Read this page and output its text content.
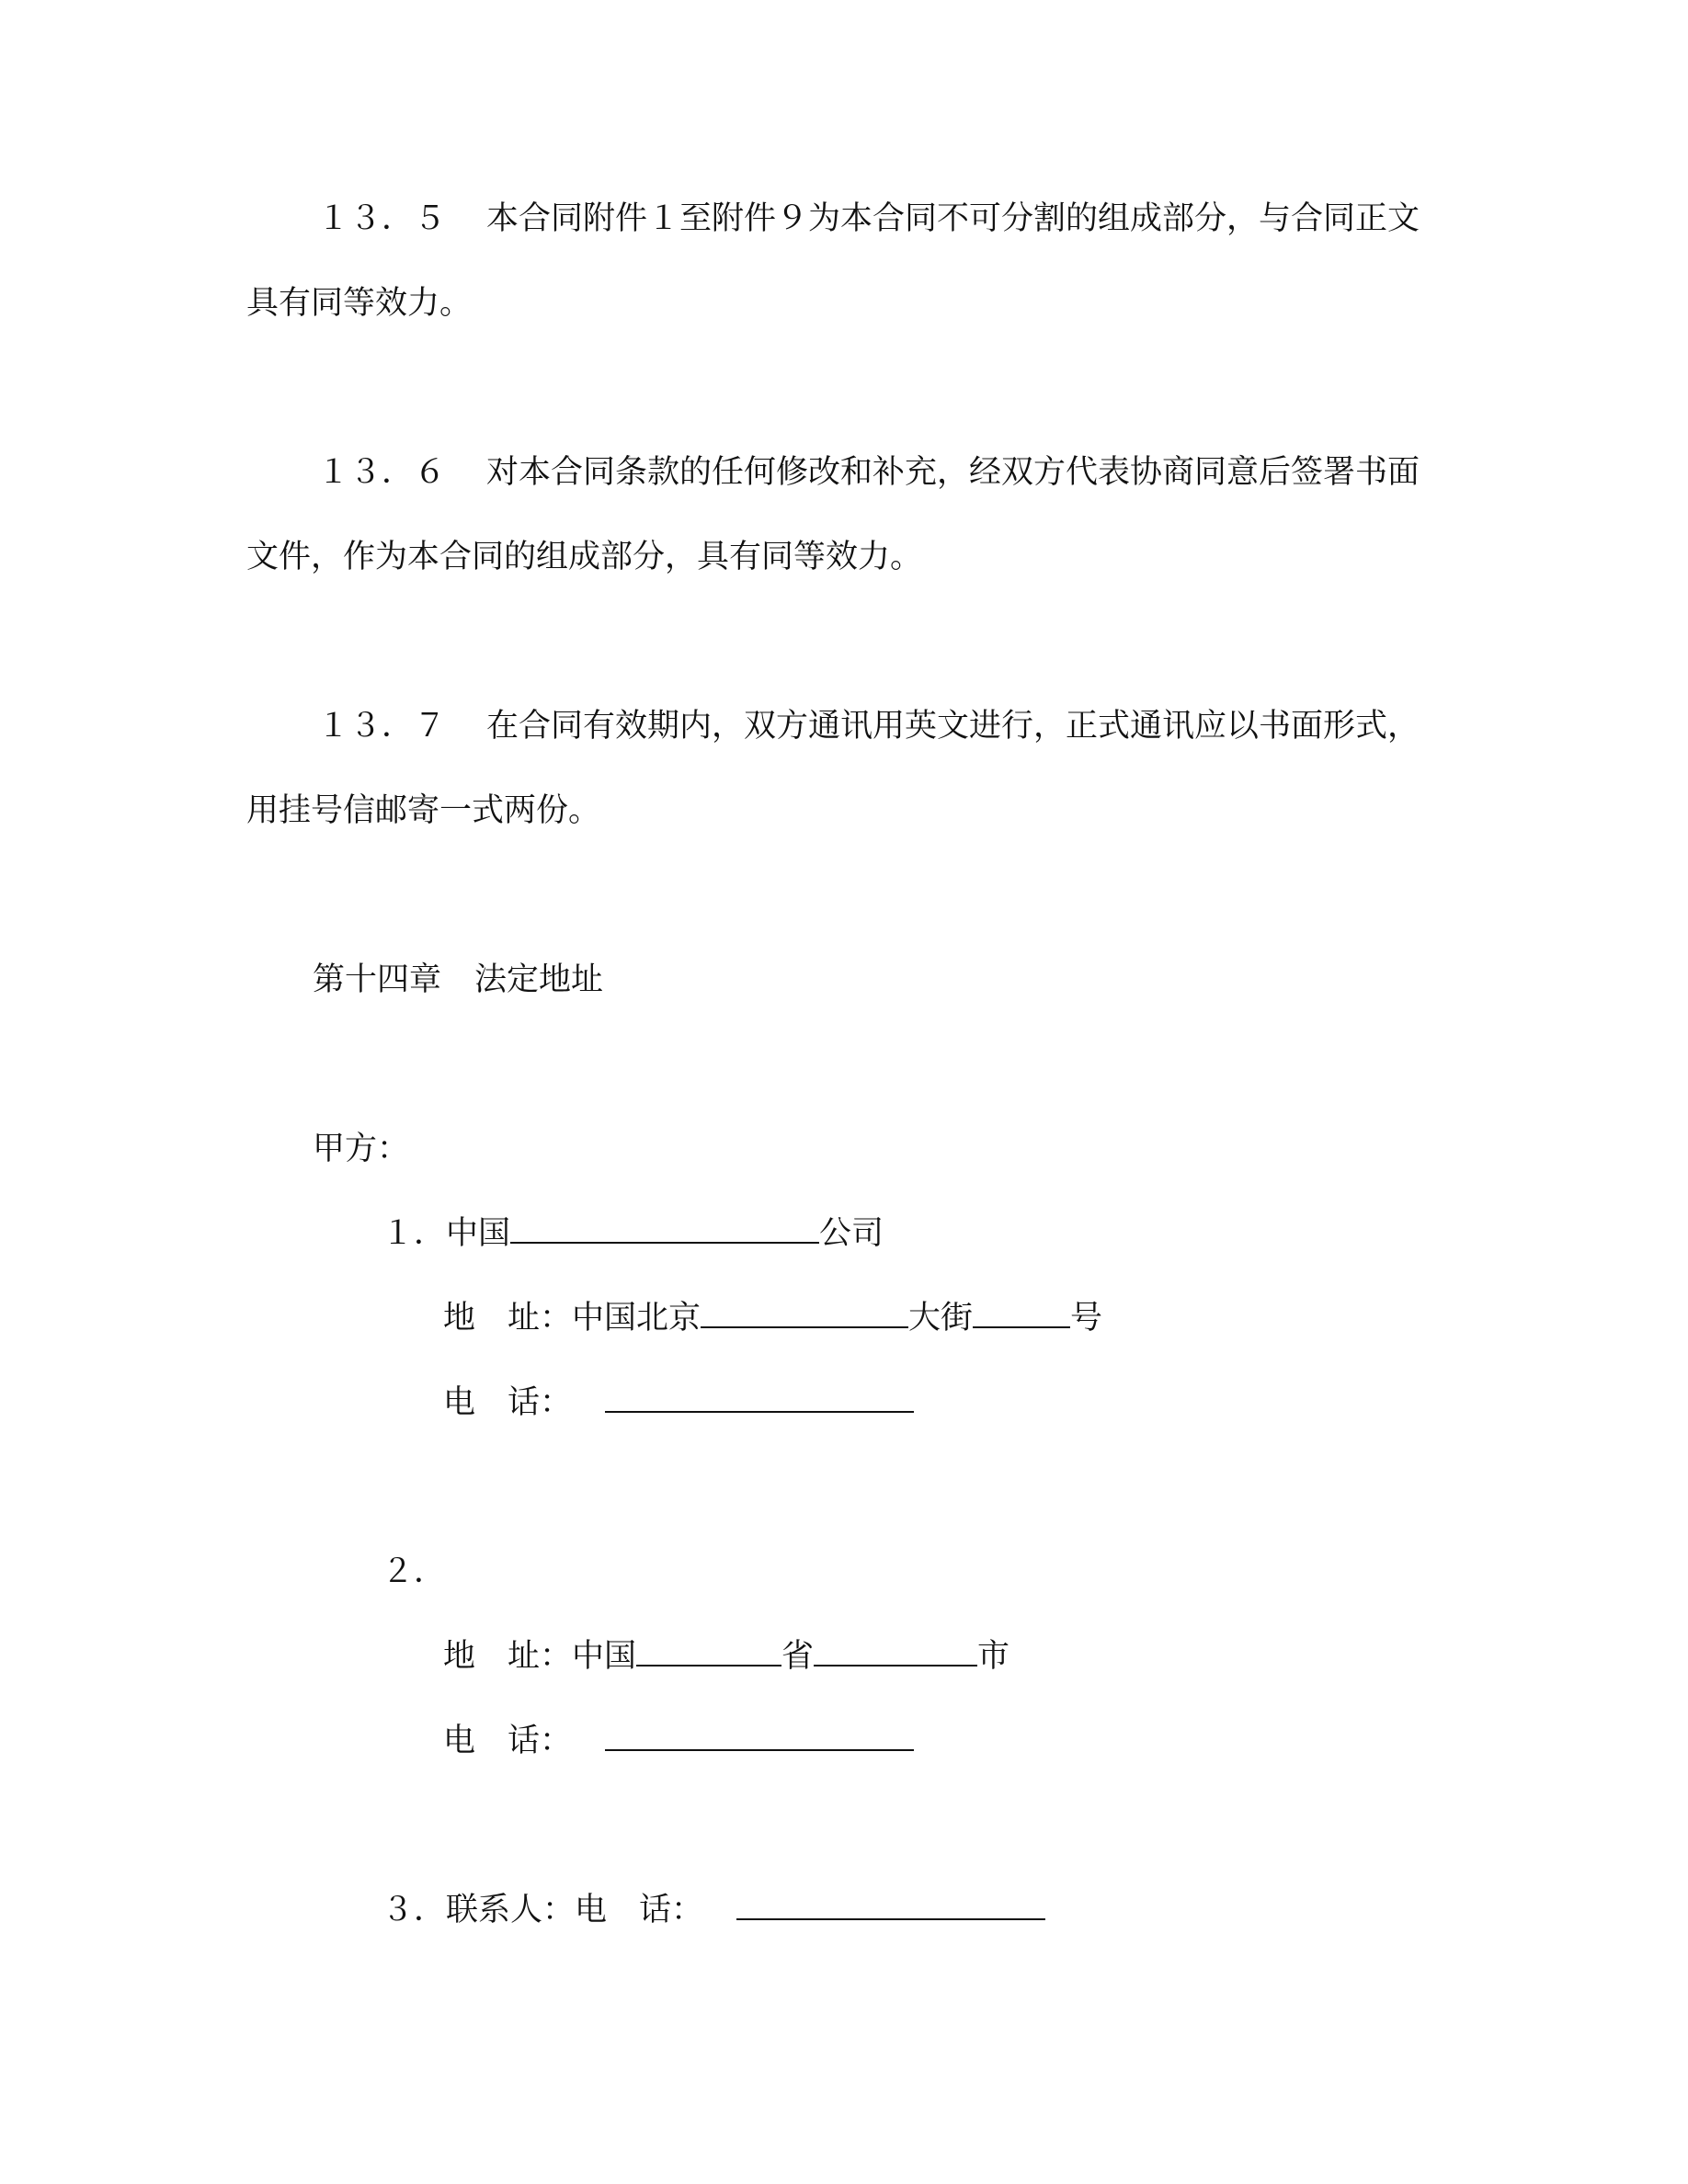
１３．５ 本合同附件１至附件９为本合同不可分割的组成部分，与合同正文
具有同等效力。
１３．６ 对本合同条款的任何修改和补充，经双方代表协商同意后签署书面
文件，作为本合同的组成部分，具有同等效力。
１３．７ 在合同有效期内，双方通讯用英文进行，正式通讯应以书面形式，
用挂号信邮寄一式两份。
第十四章 法定地址
甲方：
１．中国	公司
地　址：中国北京	大街	号
电　话：
２．
地　址：中国	省	市
电　话：
３．联系人：电　话：
